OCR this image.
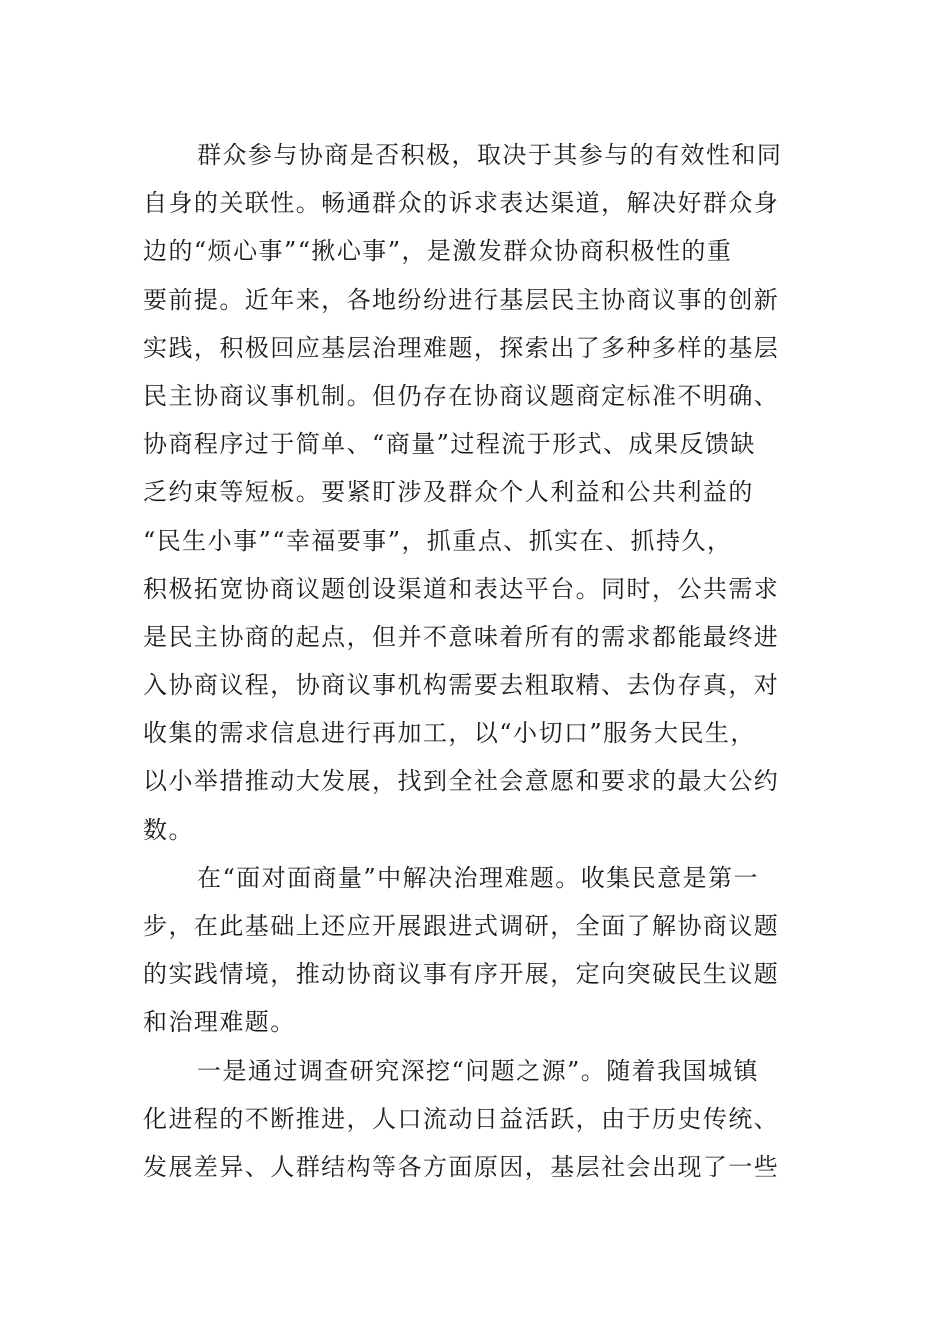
群众参与协商是否积极，取决于其参与的有效性和同
自身的关联性。畅通群众的诉求表达渠道，解决好群众身
边的“烦心事”“揪心事”，是激发群众协商积极性的重
要前提。近年来，各地纷纷进行基层民主协商议事的创新
实践，积极回应基层治理难题，探索出了多种多样的基层
民主协商议事机制。但仍存在协商议题商定标准不明确、
协商程序过于简单、“商量”过程流于形式、成果反馈缺
乏约束等短板。要紧盯涉及群众个人利益和公共利益的
“民生小事”“幸福要事”，抓重点、抓实在、抓持久，
积极拓宽协商议题创设渠道和表达平台。同时，公共需求
是民主协商的起点，但并不意味着所有的需求都能最终进
入协商议程，协商议事机构需要去粗取精、去伪存真，对
收集的需求信息进行再加工，以“小切口”服务大民生，
以小举措推动大发展，找到全社会意愿和要求的最大公约
数。
在“面对面商量”中解决治理难题。收集民意是第一
步，在此基础上还应开展跟进式调研，全面了解协商议题
的实践情境，推动协商议事有序开展，定向突破民生议题
和治理难题。
一是通过调查研究深挖“问题之源”。随着我国城镇
化进程的不断推进，人口流动日益活跃，由于历史传统、
发展差异、人群结构等各方面原因，基层社会出现了一些
